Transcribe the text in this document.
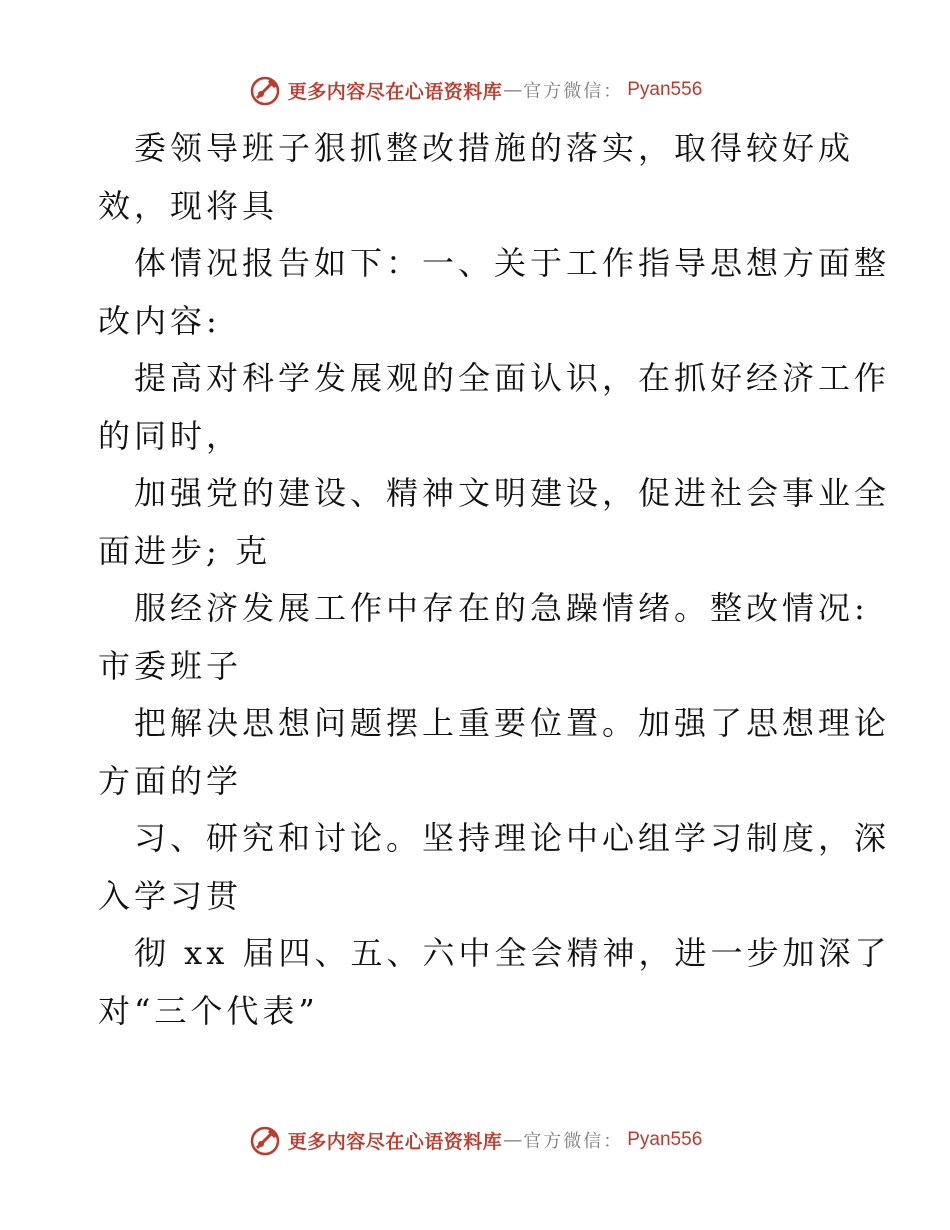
更多内容尽在心语资料库 — 官方微信： Pyan556
委领导班子狠抓整改措施的落实，取得较好成
效，现将具
体情况报告如下：一、关于工作指导思想方面整
改内容:
提高对科学发展观的全面认识，在抓好经济工作
的同时，
加强党的建设、精神文明建设，促进社会事业全
面进步; 克
服经济发展工作中存在的急躁情绪。整改情况:
市委班子
把解决思想问题摆上重要位置。加强了思想理论
方面的学
习、研究和讨论。坚持理论中心组学习制度，深
入学习贯
彻 xx 届四、五、六中全会精神，进一步加深了
对“三个代表”
更多内容尽在心语资料库 — 官方微信： Pyan556
